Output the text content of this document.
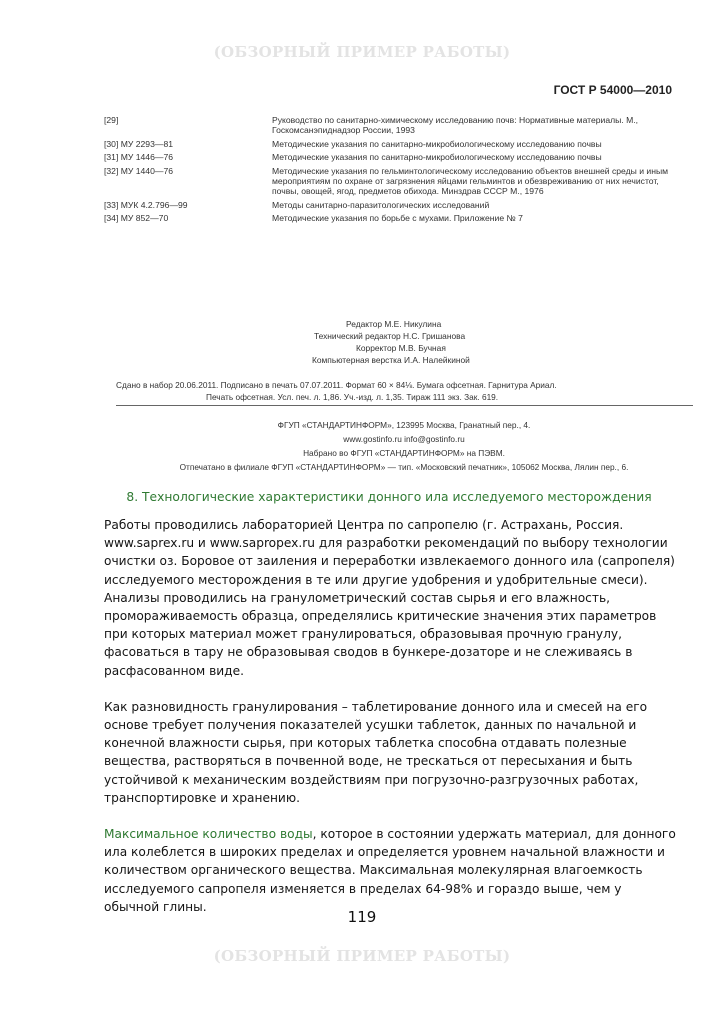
(ОБЗОРНЫЙ ПРИМЕР РАБОТЫ)
ГОСТ Р 54000—2010
[29]	Руководство по санитарно-химическому исследованию почв: Нормативные материалы. М., Госкомсанэпиднадзор России, 1993
[30] МУ 2293—81	Методические указания по санитарно-микробиологическому исследованию почвы
[31] МУ 1446—76	Методические указания по санитарно-микробиологическому исследованию почвы
[32] МУ 1440—76	Методические указания по гельминтологическому исследованию объектов внешней среды и иным мероприятиям по охране от загрязнения яйцами гельминтов и обезвреживанию от них нечистот, почвы, овощей, ягод, предметов обихода. Минздрав СССР М., 1976
[33] МУК 4.2.796—99	Методы санитарно-паразитологических исследований
[34] МУ 852—70	Методические указания по борьбе с мухами. Приложение № 7
Редактор М.Е. Никулина
Технический редактор Н.С. Гришанова
Корректор М.В. Бучная
Компьютерная верстка И.А. Налейкиной
Сдано в набор 20.06.2011. Подписано в печать 07.07.2011. Формат 60 × 84⅛. Бумага офсетная. Гарнитура Ариал.
Печать офсетная. Усл. печ. л. 1,86. Уч.-изд. л. 1,35. Тираж 111 экз. Зак. 619.
ФГУП «СТАНДАРТИНФОРМ», 123995 Москва, Гранатный пер., 4.
www.gostinfo.ru info@gostinfo.ru
Набрано во ФГУП «СТАНДАРТИНФОРМ» на ПЭВМ.
Отпечатано в филиале ФГУП «СТАНДАРТИНФОРМ» — тип. «Московский печатник», 105062 Москва, Лялин пер., 6.
8. Технологические характеристики донного ила исследуемого месторождения

Работы проводились лабораторией Центра по сапропелю (г. Астрахань, Россия. www.saprex.ru и www.sapropex.ru для разработки рекомендаций по выбору технологии очистки оз. Боровое от заиления и переработки извлекаемого донного ила (сапропеля) исследуемого месторождения в те или другие удобрения и удобрительные смеси). Анализы проводились на гранулометрический состав сырья и его влажность, промораживаемость образца, определялись критические значения этих параметров при которых материал может гранулироваться, образовывая прочную гранулу, фасоваться в тару не образовывая сводов в бункере-дозаторе и не слеживаясь в расфасованном виде.

Как разновидность гранулирования – таблетирование донного ила и смесей на его основе требует получения показателей усушки таблеток, данных по начальной и конечной влажности сырья, при которых таблетка способна отдавать полезные вещества, растворяться в почвенной воде, не трескаться от пересыхания и быть устойчивой к механическим воздействиям при погрузочно-разгрузочных работах, транспортировке и хранению.

Максимальное количество воды, которое в состоянии удержать материал, для донного ила колеблется в широких пределах и определяется уровнем начальной влажности и количеством органического вещества. Максимальная молекулярная влагоемкость исследуемого сапропеля изменяется в пределах 64-98% и гораздо выше, чем у обычной глины.

119
(ОБЗОРНЫЙ ПРИМЕР РАБОТЫ)
